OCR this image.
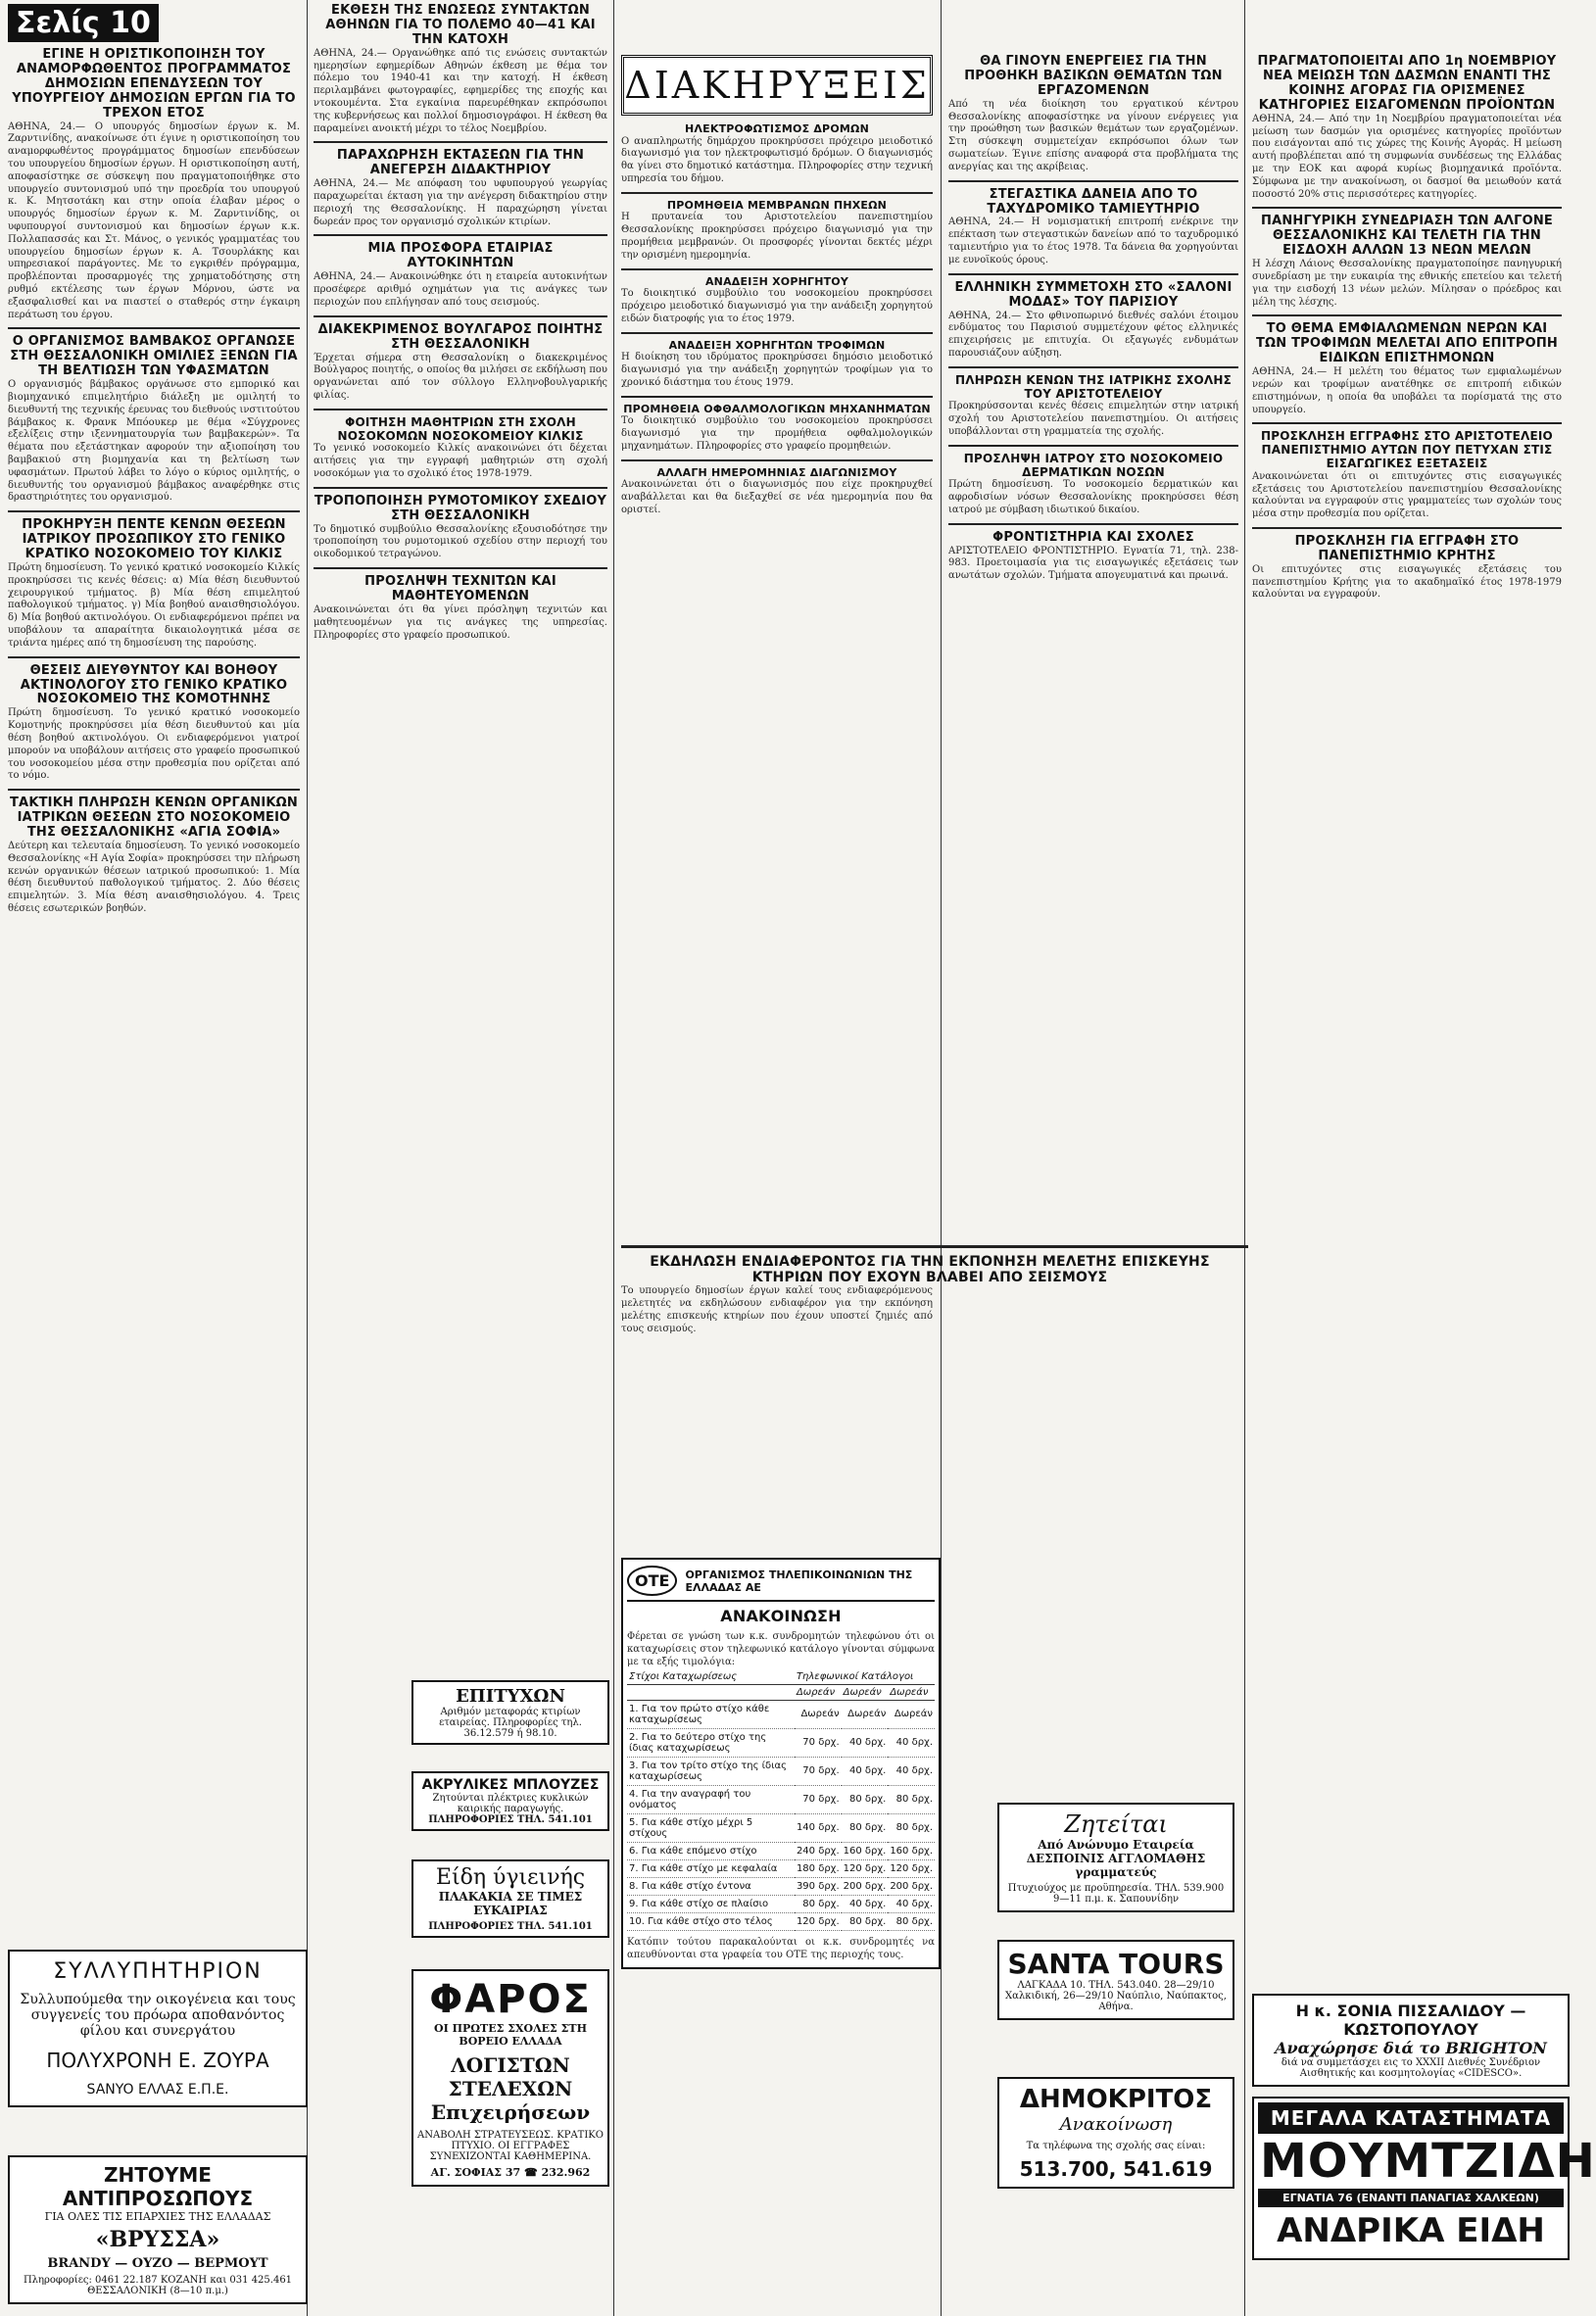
Σελίς 10
ΕΓΙΝΕ Η ΟΡΙΣΤΙΚΟΠΟΙΗΣΗ ΤΟΥ ΑΝΑΜΟΡΦΩΘΕΝΤΟΣ ΠΡΟΓΡΑΜΜΑΤΟΣ ΔΗΜΟΣΙΩΝ ΕΠΕΝΔΥΣΕΩΝ ΤΟΥ ΥΠΟΥΡΓΕΙΟΥ ΔΗΜΟΣΙΩΝ ΕΡΓΩΝ ΓΙΑ ΤΟ ΤΡΕΧΟΝ ΕΤΟΣ

ΑΘΗΝΑ, 24.— Ο υπουργός δημοσίων έργων κ. Μ. Ζαρντινίδης, ανακοίνωσε ότι έγινε η οριστικοποίηση του αναμορφωθέντος προγράμματος δημοσίων επενδύσεων του υπουργείου δημοσίων έργων. Η οριστικοποίηση αυτή, αποφασίστηκε σε σύσκεψη που πραγματοποιήθηκε στο υπουργείο συντονισμού υπό την προεδρία του υπουργού κ. Κ. Μητσοτάκη και στην οποία έλαβαν μέρος ο υπουργός δημοσίων έργων κ. Μ. Ζαρντινίδης, οι υφυπουργοί συντονισμού και δημοσίων έργων κ.κ. Πολλαπασσάς και Στ. Μάνος, ο γενικός γραμματέας του υπουργείου δημοσίων έργων κ. Α. Τσουρλάκης και υπηρεσιακοί παράγοντες. Με το εγκριθέν πρόγραμμα, προβλέπονται προσαρμογές της χρηματοδότησης στη ρυθμό εκτέλεσης των έργων Μόρνου, ώστε να εξασφαλισθεί και να πιαστεί ο σταθερός στην έγκαιρη περάτωση του έργου.

Ο ΟΡΓΑΝΙΣΜΟΣ ΒΑΜΒΑΚΟΣ ΟΡΓΑΝΩΣΕ ΣΤΗ ΘΕΣΣΑΛΟΝΙΚΗ ΟΜΙΛΙΕΣ ΞΕΝΩΝ ΓΙΑ ΤΗ ΒΕΛΤΙΩΣΗ ΤΩΝ ΥΦΑΣΜΑΤΩΝ

Ο οργανισμός βάμβακος οργάνωσε στο εμπορικό και βιομηχανικό επιμελητήριο διάλεξη με ομιλητή το διευθυντή της τεχνικής έρευνας του διεθνούς ινστιτούτου βάμβακος κ. Φρανκ Μπόουκερ με θέμα «Σύγχρονες εξελίξεις στην ιξεννηματουργία των βαμβακερών». Τα θέματα που εξετάστηκαν αφορούν την αξιοποίηση του βαμβακιού στη βιομηχανία και τη βελτίωση των υφασμάτων. Πρωτού λάβει το λόγο ο κύριος ομιλητής, ο διευθυντής του οργανισμού βάμβακος αναφέρθηκε στις δραστηριότητες του οργανισμού.

ΠΡΟΚΗΡΥΞΗ ΠΕΝΤΕ ΚΕΝΩΝ ΘΕΣΕΩΝ ΙΑΤΡΙΚΟΥ ΠΡΟΣΩΠΙΚΟΥ ΣΤΟ ΓΕΝΙΚΟ ΚΡΑΤΙΚΟ ΝΟΣΟΚΟΜΕΙΟ ΤΟΥ ΚΙΛΚΙΣ

Πρώτη δημοσίευση. Το γενικό κρατικό νοσοκομείο Κιλκίς προκηρύσσει τις κενές θέσεις: α) Μία θέση διευθυντού χειρουργικού τμήματος. β) Μία θέση επιμελητού παθολογικού τμήματος. γ) Μία βοηθού αναισθησιολόγου. δ) Μία βοηθού ακτινολόγου. Οι ενδιαφερόμενοι πρέπει να υποβάλουν τα απαραίτητα δικαιολογητικά μέσα σε τριάντα ημέρες από τη δημοσίευση της παρούσης.

ΘΕΣΕΙΣ ΔΙΕΥΘΥΝΤΟΥ ΚΑΙ ΒΟΗΘΟΥ ΑΚΤΙΝΟΛΟΓΟΥ ΣΤΟ ΓΕΝΙΚΟ ΚΡΑΤΙΚΟ ΝΟΣΟΚΟΜΕΙΟ ΤΗΣ ΚΟΜΟΤΗΝΗΣ

Πρώτη δημοσίευση. Το γενικό κρατικό νοσοκομείο Κομοτηνής προκηρύσσει μία θέση διευθυντού και μία θέση βοηθού ακτινολόγου. Οι ενδιαφερόμενοι γιατροί μπορούν να υποβάλουν αιτήσεις στο γραφείο προσωπικού του νοσοκομείου μέσα στην προθεσμία που ορίζεται από το νόμο.

ΤΑΚΤΙΚΗ ΠΛΗΡΩΣΗ ΚΕΝΩΝ ΟΡΓΑΝΙΚΩΝ ΙΑΤΡΙΚΩΝ ΘΕΣΕΩΝ ΣΤΟ ΝΟΣΟΚΟΜΕΙΟ ΤΗΣ ΘΕΣΣΑΛΟΝΙΚΗΣ «ΑΓΙΑ ΣΟΦΙΑ»

Δεύτερη και τελευταία δημοσίευση. Το γενικό νοσοκομείο Θεσσαλονίκης «Η Αγία Σοφία» προκηρύσσει την πλήρωση κενών οργανικών θέσεων ιατρικού προσωπικού: 1. Μία θέση διευθυντού παθολογικού τμήματος. 2. Δύο θέσεις επιμελητών. 3. Μία θέση αναισθησιολόγου. 4. Τρεις θέσεις εσωτερικών βοηθών.

ΣΥΛΛΥΠΗΤΗΡΙΟΝ
Συλλυπούμεθα την οικογένεια και τους συγγενείς του πρόωρα αποθανόντος φίλου και συνεργάτου
ΠΟΛΥΧΡΟΝΗ Ε. ΖΟΥΡΑ
SANYO ΕΛΛΑΣ Ε.Π.Ε.
ΖΗΤΟΥΜΕ ΑΝΤΙΠΡΟΣΩΠΟΥΣ
ΓΙΑ ΟΛΕΣ ΤΙΣ ΕΠΑΡΧΙΕΣ ΤΗΣ ΕΛΛΑΔΑΣ
«ΒΡΥΣΣΑ»
BRANDY — ΟΥΖΟ — ΒΕΡΜΟΥΤ
Πληροφορίες: 0461 22.187 ΚΟΖΑΝΗ και 031 425.461 ΘΕΣΣΑΛΟΝΙΚΗ (8—10 π.μ.)
ΕΚΘΕΣΗ ΤΗΣ ΕΝΩΣΕΩΣ ΣΥΝΤΑΚΤΩΝ ΑΘΗΝΩΝ ΓΙΑ ΤΟ ΠΟΛΕΜΟ 40—41 ΚΑΙ ΤΗΝ ΚΑΤΟΧΗ

ΑΘΗΝΑ, 24.— Οργανώθηκε από τις ενώσεις συντακτών ημερησίων εφημερίδων Αθηνών έκθεση με θέμα τον πόλεμο του 1940-41 και την κατοχή. Η έκθεση περιλαμβάνει φωτογραφίες, εφημερίδες της εποχής και ντοκουμέντα. Στα εγκαίνια παρευρέθηκαν εκπρόσωποι της κυβερνήσεως και πολλοί δημοσιογράφοι. Η έκθεση θα παραμείνει ανοικτή μέχρι το τέλος Νοεμβρίου.

ΠΑΡΑΧΩΡΗΣΗ ΕΚΤΑΣΕΩΝ ΓΙΑ ΤΗΝ ΑΝΕΓΕΡΣΗ ΔΙΔΑΚΤΗΡΙΟΥ

ΑΘΗΝΑ, 24.— Με απόφαση του υφυπουργού γεωργίας παραχωρείται έκταση για την ανέγερση διδακτηρίου στην περιοχή της Θεσσαλονίκης. Η παραχώρηση γίνεται δωρεάν προς τον οργανισμό σχολικών κτιρίων.

ΜΙΑ ΠΡΟΣΦΟΡΑ ΕΤΑΙΡΙΑΣ ΑΥΤΟΚΙΝΗΤΩΝ

ΑΘΗΝΑ, 24.— Ανακοινώθηκε ότι η εταιρεία αυτοκινήτων προσέφερε αριθμό οχημάτων για τις ανάγκες των περιοχών που επλήγησαν από τους σεισμούς.

ΔΙΑΚΕΚΡΙΜΕΝΟΣ ΒΟΥΛΓΑΡΟΣ ΠΟΙΗΤΗΣ ΣΤΗ ΘΕΣΣΑΛΟΝΙΚΗ

Έρχεται σήμερα στη Θεσσαλονίκη ο διακεκριμένος Βούλγαρος ποιητής, ο οποίος θα μιλήσει σε εκδήλωση που οργανώνεται από τον σύλλογο Ελληνοβουλγαρικής φιλίας.

ΦΟΙΤΗΣΗ ΜΑΘΗΤΡΙΩΝ ΣΤΗ ΣΧΟΛΗ ΝΟΣΟΚΟΜΩΝ ΝΟΣΟΚΟΜΕΙΟΥ ΚΙΛΚΙΣ

Το γενικό νοσοκομείο Κιλκίς ανακοινώνει ότι δέχεται αιτήσεις για την εγγραφή μαθητριών στη σχολή νοσοκόμων για το σχολικό έτος 1978-1979.

ΤΡΟΠΟΠΟΙΗΣΗ ΡΥΜΟΤΟΜΙΚΟΥ ΣΧΕΔΙΟΥ ΣΤΗ ΘΕΣΣΑΛΟΝΙΚΗ

Το δημοτικό συμβούλιο Θεσσαλονίκης εξουσιοδότησε την τροποποίηση του ρυμοτομικού σχεδίου στην περιοχή του οικοδομικού τετραγώνου.

ΠΡΟΣΛΗΨΗ ΤΕΧΝΙΤΩΝ ΚΑΙ ΜΑΘΗΤΕΥΟΜΕΝΩΝ

Ανακοινώνεται ότι θα γίνει πρόσληψη τεχνιτών και μαθητευομένων για τις ανάγκες της υπηρεσίας. Πληροφορίες στο γραφείο προσωπικού.

ΕΠΙΤΥΧΩΝ
Αριθμόν μεταφοράς κτιρίων εταιρείας. Πληροφορίες τηλ. 36.12.579 ή 98.10.
ΑΚΡΥΛΙΚΕΣ ΜΠΛΟΥΖΕΣ
Ζητούνται πλέκτριες κυκλικών καιρικής παραγωγής.
ΠΛΗΡΟΦΟΡΙΕΣ ΤΗΛ. 541.101
Είδη ύγιεινής
ΠΛΑΚΑΚΙΑ ΣΕ ΤΙΜΕΣ ΕΥΚΑΙΡΙΑΣ
ΠΛΗΡΟΦΟΡΙΕΣ ΤΗΛ. 541.101
ΦΑΡΟΣ
ΟΙ ΠΡΩΤΕΣ ΣΧΟΛΕΣ ΣΤΗ ΒΟΡΕΙΟ ΕΛΛΑΔΑ
ΛΟΓΙΣΤΩΝ ΣΤΕΛΕΧΩΝ Επιχειρήσεων
ΑΝΑΒΟΛΗ ΣΤΡΑΤΕΥΣΕΩΣ. ΚΡΑΤΙΚΟ ΠΤΥΧΙΟ. ΟΙ ΕΓΓΡΑΦΕΣ ΣΥΝΕΧΙΖΟΝΤΑΙ ΚΑΘΗΜΕΡΙΝΑ.
ΑΓ. ΣΟΦΙΑΣ 37 ☎ 232.962
ΔΙΑΚΗΡΥΞΕΙΣ
ΗΛΕΚΤΡΟΦΩΤΙΣΜΟΣ ΔΡΟΜΩΝ

Ο αναπληρωτής δημάρχου προκηρύσσει πρόχειρο μειοδοτικό διαγωνισμό για τον ηλεκτροφωτισμό δρόμων. Ο διαγωνισμός θα γίνει στο δημοτικό κατάστημα. Πληροφορίες στην τεχνική υπηρεσία του δήμου.

ΠΡΟΜΗΘΕΙΑ ΜΕΜΒΡΑΝΩΝ ΠΗΧΕΩΝ

Η πρυτανεία του Αριστοτελείου πανεπιστημίου Θεσσαλονίκης προκηρύσσει πρόχειρο διαγωνισμό για την προμήθεια μεμβρανών. Οι προσφορές γίνονται δεκτές μέχρι την ορισμένη ημερομηνία.

ΑΝΑΔΕΙΞΗ ΧΟΡΗΓΗΤΟΥ

Το διοικητικό συμβούλιο του νοσοκομείου προκηρύσσει πρόχειρο μειοδοτικό διαγωνισμό για την ανάδειξη χορηγητού ειδών διατροφής για το έτος 1979.

ΑΝΑΔΕΙΞΗ ΧΟΡΗΓΗΤΩΝ ΤΡΟΦΙΜΩΝ

Η διοίκηση του ιδρύματος προκηρύσσει δημόσιο μειοδοτικό διαγωνισμό για την ανάδειξη χορηγητών τροφίμων για το χρονικό διάστημα του έτους 1979.

ΠΡΟΜΗΘΕΙΑ ΟΦΘΑΛΜΟΛΟΓΙΚΩΝ ΜΗΧΑΝΗΜΑΤΩΝ

Το διοικητικό συμβούλιο του νοσοκομείου προκηρύσσει διαγωνισμό για την προμήθεια οφθαλμολογικών μηχανημάτων. Πληροφορίες στο γραφείο προμηθειών.

ΑΛΛΑΓΗ ΗΜΕΡΟΜΗΝΙΑΣ ΔΙΑΓΩΝΙΣΜΟΥ

Ανακοινώνεται ότι ο διαγωνισμός που είχε προκηρυχθεί αναβάλλεται και θα διεξαχθεί σε νέα ημερομηνία που θα οριστεί.

ΕΚΔΗΛΩΣΗ ΕΝΔΙΑΦΕΡΟΝΤΟΣ ΓΙΑ ΤΗΝ ΕΚΠΟΝΗΣΗ ΜΕΛΕΤΗΣ ΕΠΙΣΚΕΥΗΣ ΚΤΗΡΙΩΝ ΠΟΥ ΕΧΟΥΝ ΒΛΑΒΕΙ ΑΠΟ ΣΕΙΣΜΟΥΣ

Το υπουργείο δημοσίων έργων καλεί τους ενδιαφερόμενους μελετητές να εκδηλώσουν ενδιαφέρον για την εκπόνηση μελέτης επισκευής κτηρίων που έχουν υποστεί ζημιές από τους σεισμούς.

ΟΤΕ	ΟΡΓΑΝΙΣΜΟΣ ΤΗΛΕΠΙΚΟΙΝΩΝΙΩΝ ΤΗΣ ΕΛΛΑΔΑΣ ΑΕ
ΑΝΑΚΟΙΝΩΣΗ

Φέρεται σε γνώση των κ.κ. συνδρομητών τηλεφώνου ότι οι καταχωρίσεις στον τηλεφωνικό κατάλογο γίνονται σύμφωνα με τα εξής τιμολόγια:

Στίχοι Καταχωρίσεως	Τηλεφωνικοί Κατάλογοι		
	Δωρεάν	Δωρεάν	Δωρεάν
1. Για τον πρώτο στίχο κάθε καταχωρίσεως	Δωρεάν	Δωρεάν	Δωρεάν
2. Για το δεύτερο στίχο της ίδιας καταχωρίσεως	70 δρχ.	40 δρχ.	40 δρχ.
3. Για τον τρίτο στίχο της ίδιας καταχωρίσεως	70 δρχ.	40 δρχ.	40 δρχ.
4. Για την αναγραφή του ονόματος	70 δρχ.	80 δρχ.	80 δρχ.
5. Για κάθε στίχο μέχρι 5 στίχους	140 δρχ.	80 δρχ.	80 δρχ.
6. Για κάθε επόμενο στίχο	240 δρχ.	160 δρχ.	160 δρχ.
7. Για κάθε στίχο με κεφαλαία	180 δρχ.	120 δρχ.	120 δρχ.
8. Για κάθε στίχο έντονα	390 δρχ.	200 δρχ.	200 δρχ.
9. Για κάθε στίχο σε πλαίσιο	80 δρχ.	40 δρχ.	40 δρχ.
10. Για κάθε στίχο στο τέλος	120 δρχ.	80 δρχ.	80 δρχ.

Κατόπιν τούτου παρακαλούνται οι κ.κ. συνδρομητές να απευθύνονται στα γραφεία του ΟΤΕ της περιοχής τους.

ΘΑ ΓΙΝΟΥΝ ΕΝΕΡΓΕΙΕΣ ΓΙΑ ΤΗΝ ΠΡΟΘΗΚΗ ΒΑΣΙΚΩΝ ΘΕΜΑΤΩΝ ΤΩΝ ΕΡΓΑΖΟΜΕΝΩΝ

Από τη νέα διοίκηση του εργατικού κέντρου Θεσσαλονίκης αποφασίστηκε να γίνουν ενέργειες για την προώθηση των βασικών θεμάτων των εργαζομένων. Στη σύσκεψη συμμετείχαν εκπρόσωποι όλων των σωματείων. Έγινε επίσης αναφορά στα προβλήματα της ανεργίας και της ακρίβειας.

ΣΤΕΓΑΣΤΙΚΑ ΔΑΝΕΙΑ ΑΠΟ ΤΟ ΤΑΧΥΔΡΟΜΙΚΟ ΤΑΜΙΕΥΤΗΡΙΟ

ΑΘΗΝΑ, 24.— Η νομισματική επιτροπή ενέκρινε την επέκταση των στεγαστικών δανείων από το ταχυδρομικό ταμιευτήριο για το έτος 1978. Τα δάνεια θα χορηγούνται με ευνοϊκούς όρους.

ΕΛΛΗΝΙΚΗ ΣΥΜΜΕΤΟΧΗ ΣΤΟ «ΣΑΛΟΝΙ ΜΟΔΑΣ» ΤΟΥ ΠΑΡΙΣΙΟΥ

ΑΘΗΝΑ, 24.— Στο φθινοπωρινό διεθνές σαλόνι έτοιμου ενδύματος του Παρισιού συμμετέχουν φέτος ελληνικές επιχειρήσεις με επιτυχία. Οι εξαγωγές ενδυμάτων παρουσιάζουν αύξηση.

ΠΛΗΡΩΣΗ ΚΕΝΩΝ ΤΗΣ ΙΑΤΡΙΚΗΣ ΣΧΟΛΗΣ ΤΟΥ ΑΡΙΣΤΟΤΕΛΕΙΟΥ

Προκηρύσσονται κενές θέσεις επιμελητών στην ιατρική σχολή του Αριστοτελείου πανεπιστημίου. Οι αιτήσεις υποβάλλονται στη γραμματεία της σχολής.

ΠΡΟΣΛΗΨΗ ΙΑΤΡΟΥ ΣΤΟ ΝΟΣΟΚΟΜΕΙΟ ΔΕΡΜΑΤΙΚΩΝ ΝΟΣΩΝ

Πρώτη δημοσίευση. Το νοσοκομείο δερματικών και αφροδισίων νόσων Θεσσαλονίκης προκηρύσσει θέση ιατρού με σύμβαση ιδιωτικού δικαίου.

ΦΡΟΝΤΙΣΤΗΡΙΑ ΚΑΙ ΣΧΟΛΕΣ

ΑΡΙΣΤΟΤΕΛΕΙΟ ΦΡΟΝΤΙΣΤΗΡΙΟ. Εγνατία 71, τηλ. 238-983. Προετοιμασία για τις εισαγωγικές εξετάσεις των ανωτάτων σχολών. Τμήματα απογευματινά και πρωινά.

Ζητείται
Από Ανώνυμο Εταιρεία ΔΕΣΠΟΙΝΙΣ ΑΓΓΛΟΜΑΘΗΣ γραμματεύς
Πτυχιούχος με προϋπηρεσία. ΤΗΛ. 539.900 9—11 π.μ. κ. Σαπουνίδην
SANTA TOURS
ΛΑΓΚΑΔΑ 10. ΤΗΛ. 543.040. 28—29/10 Χαλκιδική, 26—29/10 Ναύπλιο, Ναύπακτος, Αθήνα.
ΔΗΜΟΚΡΙΤΟΣ
Ανακοίνωση
Τα τηλέφωνα της σχολής σας είναι:
513.700, 541.619
ΠΡΑΓΜΑΤΟΠΟΙΕΙΤΑΙ ΑΠΟ 1η ΝΟΕΜΒΡΙΟΥ ΝΕΑ ΜΕΙΩΣΗ ΤΩΝ ΔΑΣΜΩΝ ΕΝΑΝΤΙ ΤΗΣ ΚΟΙΝΗΣ ΑΓΟΡΑΣ ΓΙΑ ΟΡΙΣΜΕΝΕΣ ΚΑΤΗΓΟΡΙΕΣ ΕΙΣΑΓΟΜΕΝΩΝ ΠΡΟΪΟΝΤΩΝ

ΑΘΗΝΑ, 24.— Από την 1η Νοεμβρίου πραγματοποιείται νέα μείωση των δασμών για ορισμένες κατηγορίες προϊόντων που εισάγονται από τις χώρες της Κοινής Αγοράς. Η μείωση αυτή προβλέπεται από τη συμφωνία συνδέσεως της Ελλάδας με την ΕΟΚ και αφορά κυρίως βιομηχανικά προϊόντα. Σύμφωνα με την ανακοίνωση, οι δασμοί θα μειωθούν κατά ποσοστό 20% στις περισσότερες κατηγορίες.

ΠΑΝΗΓΥΡΙΚΗ ΣΥΝΕΔΡΙΑΣΗ ΤΩΝ ΑΛΓΟΝΕ ΘΕΣΣΑΛΟΝΙΚΗΣ ΚΑΙ ΤΕΛΕΤΗ ΓΙΑ ΤΗΝ ΕΙΣΔΟΧΗ ΑΛΛΩΝ 13 ΝΕΩΝ ΜΕΛΩΝ

Η λέσχη Λάιονς Θεσσαλονίκης πραγματοποίησε πανηγυρική συνεδρίαση με την ευκαιρία της εθνικής επετείου και τελετή για την εισδοχή 13 νέων μελών. Μίλησαν ο πρόεδρος και μέλη της λέσχης.

ΤΟ ΘΕΜΑ ΕΜΦΙΑΛΩΜΕΝΩΝ ΝΕΡΩΝ ΚΑΙ ΤΩΝ ΤΡΟΦΙΜΩΝ ΜΕΛΕΤΑΙ ΑΠΟ ΕΠΙΤΡΟΠΗ ΕΙΔΙΚΩΝ ΕΠΙΣΤΗΜΟΝΩΝ

ΑΘΗΝΑ, 24.— Η μελέτη του θέματος των εμφιαλωμένων νερών και τροφίμων ανατέθηκε σε επιτροπή ειδικών επιστημόνων, η οποία θα υποβάλει τα πορίσματά της στο υπουργείο.

ΠΡΟΣΚΛΗΣΗ ΕΓΓΡΑΦΗΣ ΣΤΟ ΑΡΙΣΤΟΤΕΛΕΙΟ ΠΑΝΕΠΙΣΤΗΜΙΟ ΑΥΤΩΝ ΠΟΥ ΠΕΤΥΧΑΝ ΣΤΙΣ ΕΙΣΑΓΩΓΙΚΕΣ ΕΞΕΤΑΣΕΙΣ

Ανακοινώνεται ότι οι επιτυχόντες στις εισαγωγικές εξετάσεις του Αριστοτελείου πανεπιστημίου Θεσσαλονίκης καλούνται να εγγραφούν στις γραμματείες των σχολών τους μέσα στην προθεσμία που ορίζεται.

ΠΡΟΣΚΛΗΣΗ ΓΙΑ ΕΓΓΡΑΦΗ ΣΤΟ ΠΑΝΕΠΙΣΤΗΜΙΟ ΚΡΗΤΗΣ

Οι επιτυχόντες στις εισαγωγικές εξετάσεις του πανεπιστημίου Κρήτης για το ακαδημαϊκό έτος 1978-1979 καλούνται να εγγραφούν.

Η κ. ΣΟΝΙΑ ΠΙΣΣΑΛΙΔΟΥ — ΚΩΣΤΟΠΟΥΛΟΥ
Αναχώρησε διά το BRIGHTON
διά να συμμετάσχει εις το XXXII Διεθνές Συνέδριον Αισθητικής και κοσμητολογίας «CIDESCO».
ΜΕΓΑΛΑ ΚΑΤΑΣΤΗΜΑΤΑ
ΜΟΥΜΤΖΙΔΗ
ΕΓΝΑΤΙΑ 76 (ΕΝΑΝΤΙ ΠΑΝΑΓΙΑΣ ΧΑΛΚΕΩΝ)
ΑΝΔΡΙΚΑ ΕΙΔΗ
